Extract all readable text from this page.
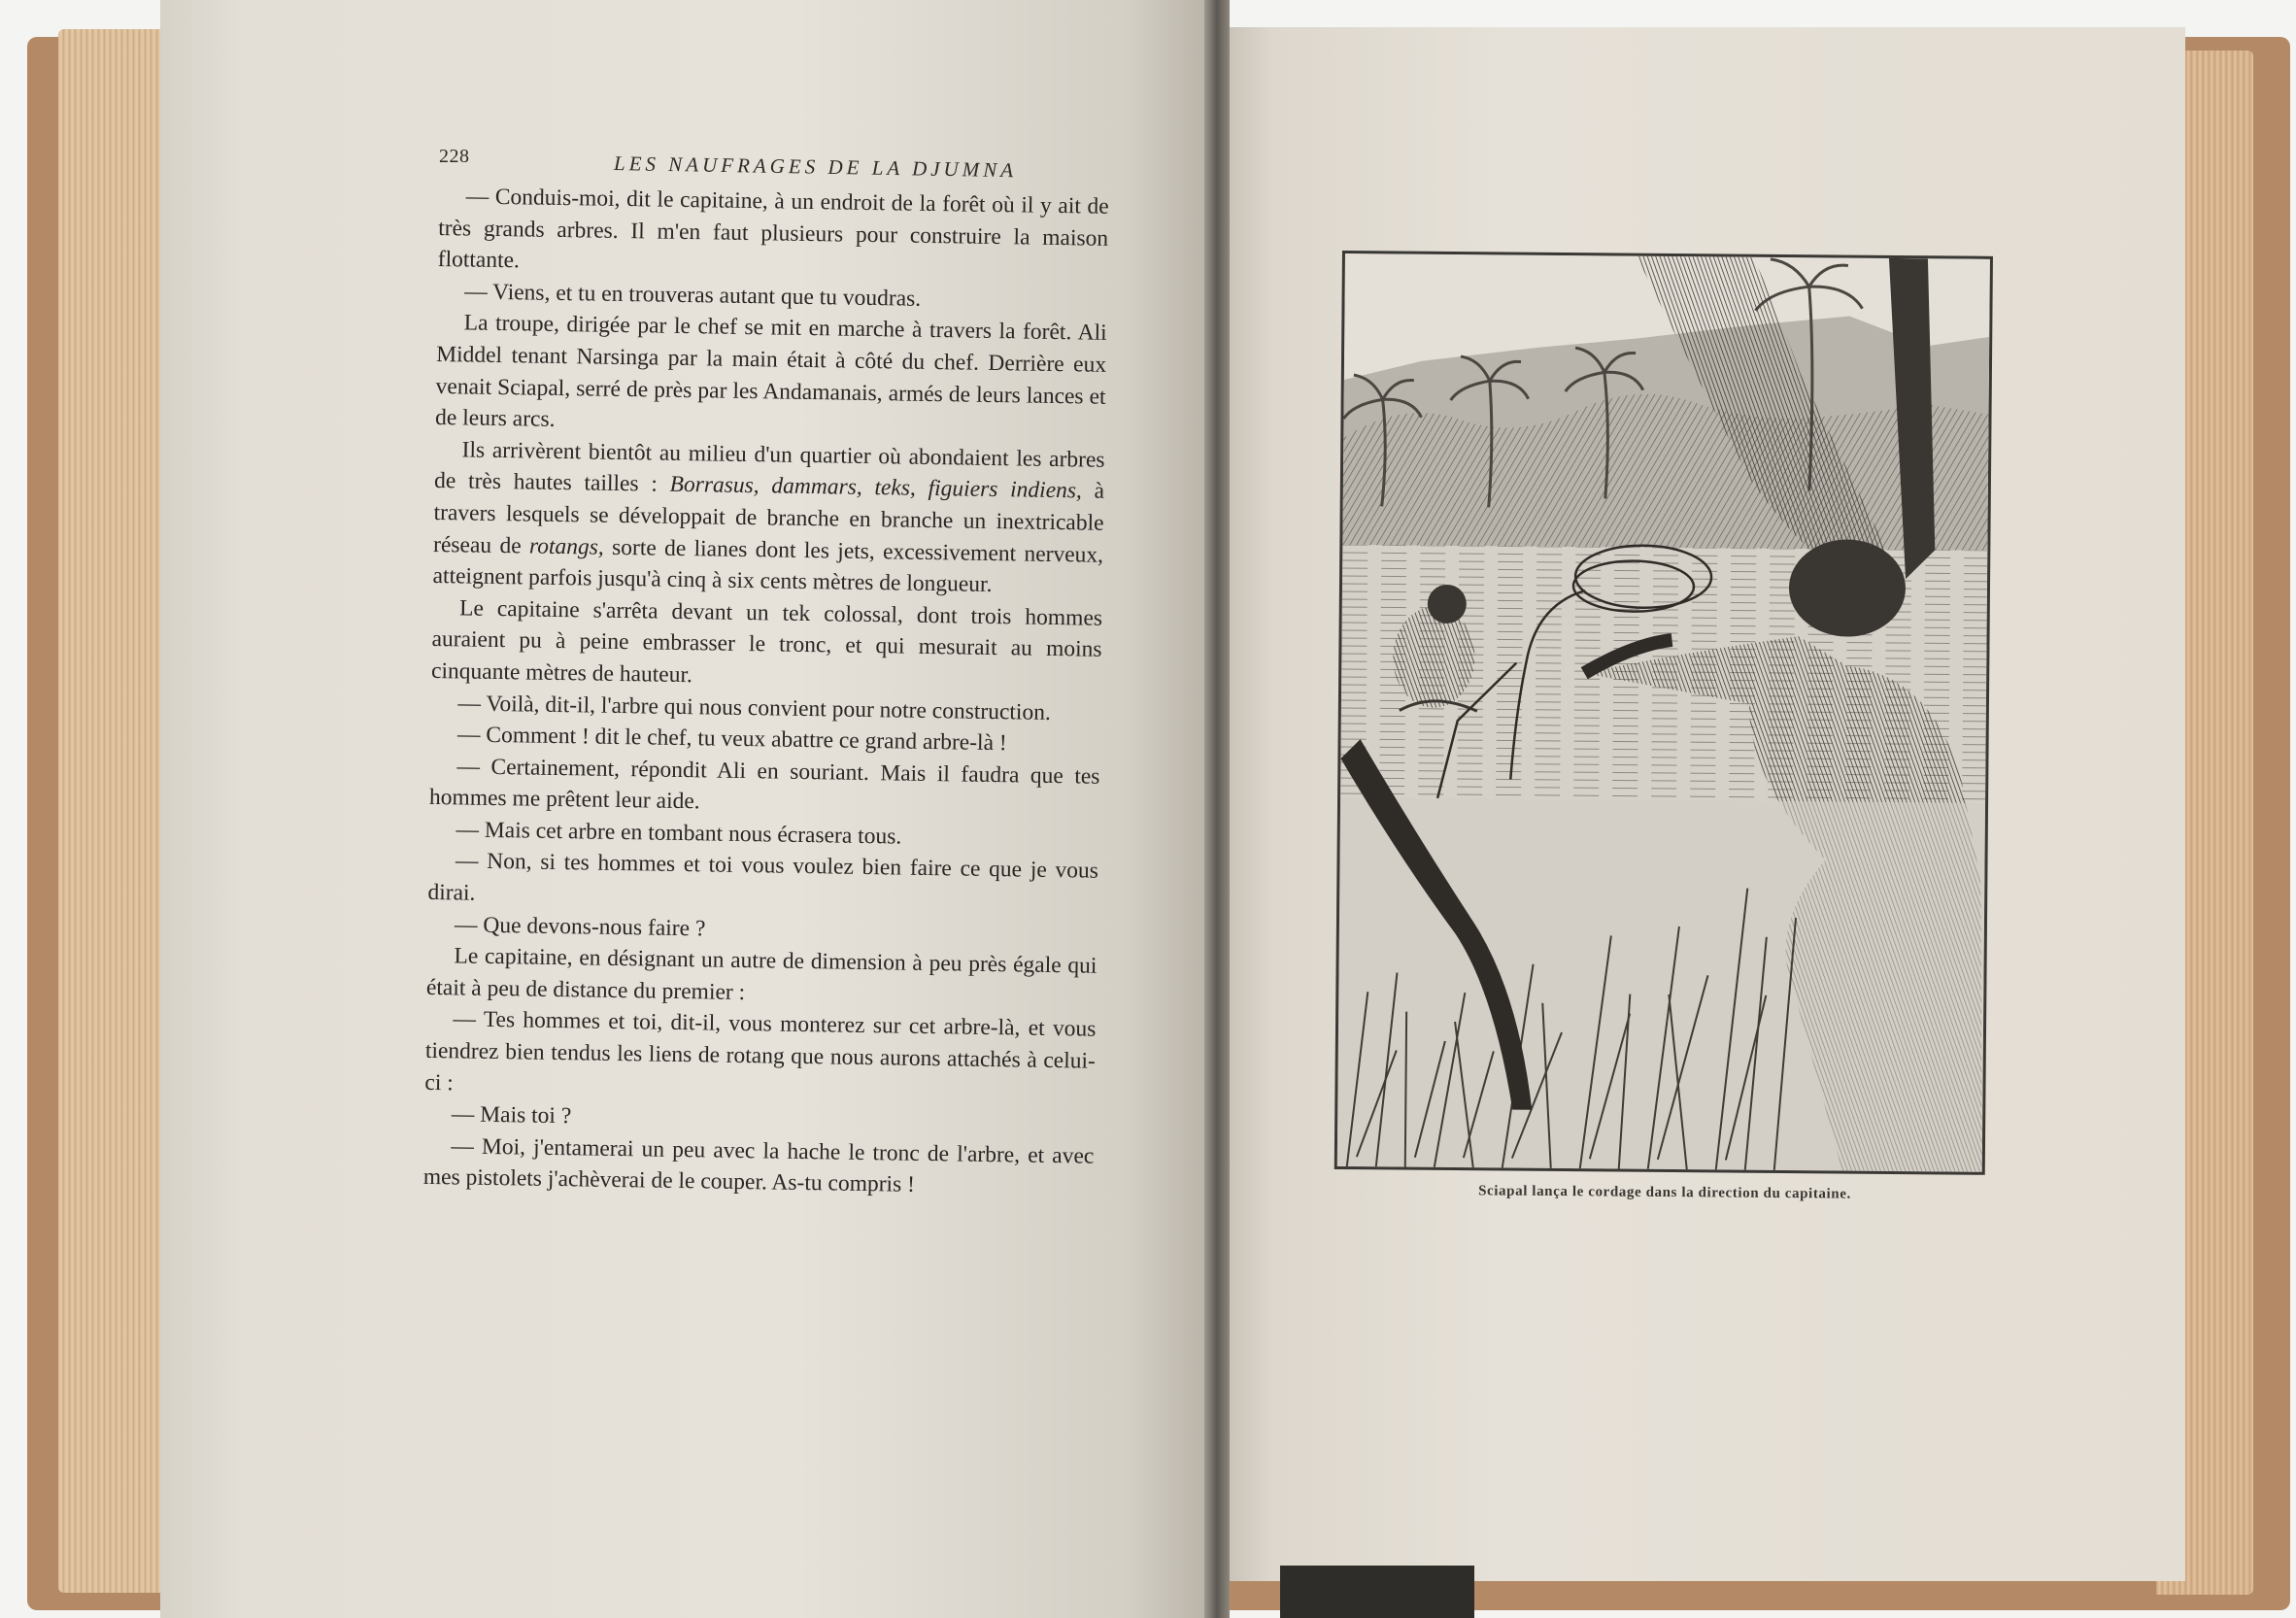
228	LES NAUFRAGES DE LA DJUMNA

— Conduis-moi, dit le capitaine, à un endroit de la forêt où il y ait de très grands arbres. Il m'en faut plusieurs pour construire la maison flottante.

— Viens, et tu en trouveras autant que tu voudras.

La troupe, dirigée par le chef se mit en marche à travers la forêt. Ali Middel tenant Narsinga par la main était à côté du chef. Derrière eux venait Sciapal, serré de près par les Andamanais, armés de leurs lances et de leurs arcs.

Ils arrivèrent bientôt au milieu d'un quartier où abondaient les arbres de très hautes tailles : Borrasus, dammars, teks, figuiers indiens, à travers lesquels se développait de branche en branche un inextricable réseau de rotangs, sorte de lianes dont les jets, excessivement nerveux, atteignent parfois jusqu'à cinq à six cents mètres de longueur.

Le capitaine s'arrêta devant un tek colossal, dont trois hommes auraient pu à peine embrasser le tronc, et qui mesurait au moins cinquante mètres de hauteur.

— Voilà, dit-il, l'arbre qui nous convient pour notre construction.

— Comment ! dit le chef, tu veux abattre ce grand arbre-là !

— Certainement, répondit Ali en souriant. Mais il faudra que tes hommes me prêtent leur aide.

— Mais cet arbre en tombant nous écrasera tous.

— Non, si tes hommes et toi vous voulez bien faire ce que je vous dirai.

— Que devons-nous faire ?

Le capitaine, en désignant un autre de dimension à peu près égale qui était à peu de distance du premier :

— Tes hommes et toi, dit-il, vous monterez sur cet arbre-là, et vous tiendrez bien tendus les liens de rotang que nous aurons attachés à celui-ci :

— Mais toi ?

— Moi, j'entamerai un peu avec la hache le tronc de l'arbre, et avec mes pistolets j'achèverai de le couper. As-tu compris !	Sciapal lança le cordage dans la direction du capitaine.
